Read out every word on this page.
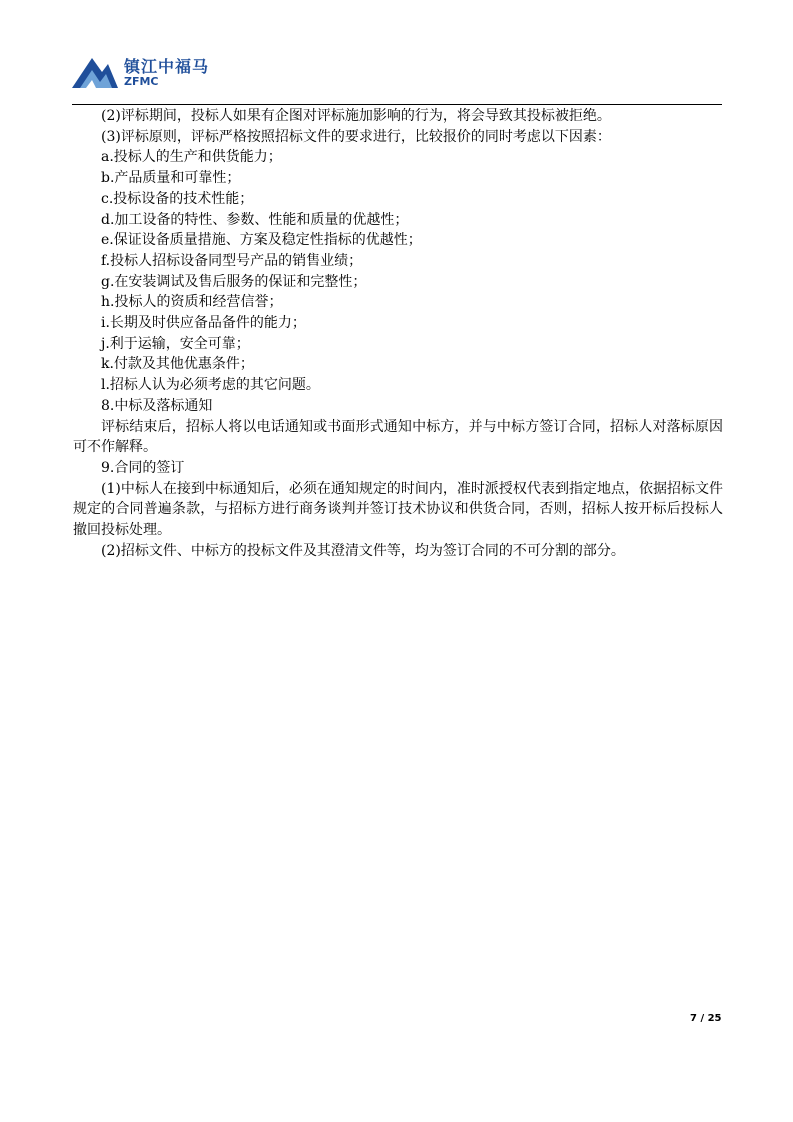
镇江中福马
ZFMC
(2)评标期间，投标人如果有企图对评标施加影响的行为，将会导致其投标被拒绝。
(3)评标原则，评标严格按照招标文件的要求进行，比较报价的同时考虑以下因素：
a.投标人的生产和供货能力；
b.产品质量和可靠性；
c.投标设备的技术性能；
d.加工设备的特性、参数、性能和质量的优越性；
e.保证设备质量措施、方案及稳定性指标的优越性；
f.投标人招标设备同型号产品的销售业绩；
g.在安装调试及售后服务的保证和完整性；
h.投标人的资质和经营信誉；
i.长期及时供应备品备件的能力；
j.利于运输，安全可靠；
k.付款及其他优惠条件；
l.招标人认为必须考虑的其它问题。
8.中标及落标通知
评标结束后，招标人将以电话通知或书面形式通知中标方，并与中标方签订合同，招标人对落标原因可不作解释。
9.合同的签订
(1)中标人在接到中标通知后，必须在通知规定的时间内，准时派授权代表到指定地点，依据招标文件规定的合同普遍条款，与招标方进行商务谈判并签订技术协议和供货合同，否则，招标人按开标后投标人撤回投标处理。
(2)招标文件、中标方的投标文件及其澄清文件等，均为签订合同的不可分割的部分。
7 / 25
